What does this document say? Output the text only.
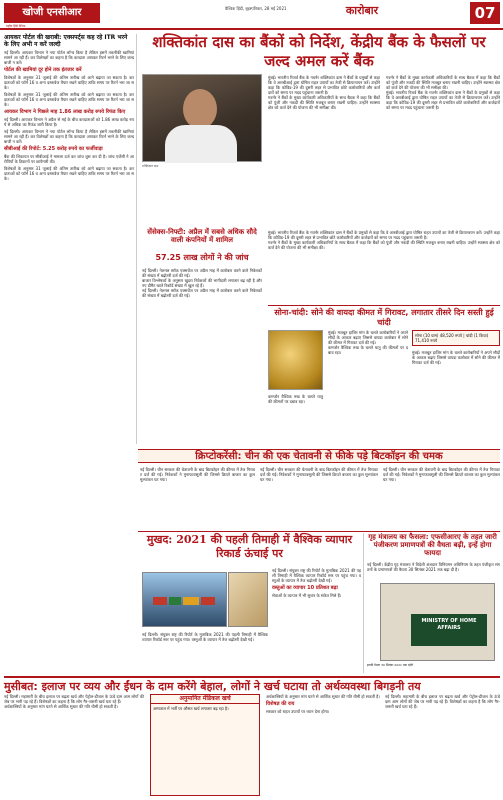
खोजी एनसीआर
राष्ट्रीय हिंदी दैनिक
वैश्विक हिंदी, बृहस्पतिवार, 28 मई 2021	कारोबार	07
आयकर पोर्टल की खराबी: एक्सपर्ट्स कह रहे ITR भरने के लिए अभी न करें जल्दी

नई दिल्ली। आयकर विभाग ने नया पोर्टल लॉन्च किया है लेकिन इसमें तकनीकी खामियां सामने आ रही हैं। कर विशेषज्ञों का कहना है कि करदाता आयकर रिटर्न भरने के लिए जल्दबाजी न करें।

पोर्टल की खामियां दूर होने तक इंतजार करें

विशेषज्ञों के अनुसार 31 जुलाई की अंतिम तारीख को आगे बढ़ाया जा सकता है। करदाताओं को फॉर्म 16 व अन्य दस्तावेज तैयार रखने चाहिए ताकि समय पर रिटर्न भरा जा सके।

विशेषज्ञों के अनुसार 31 जुलाई की अंतिम तारीख को आगे बढ़ाया जा सकता है। करदाताओं को फॉर्म 16 व अन्य दस्तावेज तैयार रखने चाहिए ताकि समय पर रिटर्न भरा जा सके।

आयकर विभाग ने पिछले माह 1.86 लाख करोड़ रुपये रिफंड किए

नई दिल्ली। आयकर विभाग ने अप्रैल से मई के बीच करदाताओं को 1.86 लाख करोड़ रुपये से अधिक का रिफंड जारी किया है।

नई दिल्ली। आयकर विभाग ने नया पोर्टल लॉन्च किया है लेकिन इसमें तकनीकी खामियां सामने आ रही हैं। कर विशेषज्ञों का कहना है कि करदाता आयकर रिटर्न भरने के लिए जल्दबाजी न करें।

सीबीआई की रिपोर्ट: 5.25 करोड़ रुपये का फर्जीवाड़ा

बैंक की शिकायत पर सीबीआई ने मामला दर्ज कर जांच शुरू कर दी है। जांच एजेंसी ने आरोपियों के ठिकानों पर छापेमारी की।

विशेषज्ञों के अनुसार 31 जुलाई की अंतिम तारीख को आगे बढ़ाया जा सकता है। करदाताओं को फॉर्म 16 व अन्य दस्तावेज तैयार रखने चाहिए ताकि समय पर रिटर्न भरा जा सके।

शक्तिकांत दास का बैंकों को निर्देश, केंद्रीय बैंक के फैसलों पर जल्द अमल करें बैंक
शक्तिकांत दास

मुंबई। भारतीय रिजर्व बैंक के गवर्नर शक्तिकांत दास ने बैंकों के प्रमुखों से कहा कि वे आरबीआई द्वारा घोषित राहत उपायों का तेजी से क्रियान्वयन करें। उन्होंने कहा कि कोविड-19 की दूसरी लहर से प्रभावित छोटे कारोबारियों और कर्जदारों को समय पर मदद पहुंचाना जरूरी है।

गवर्नर ने बैंकों के मुख्य कार्यकारी अधिकारियों के साथ बैठक में कहा कि बैंकों को पूंजी और नकदी की स्थिति मजबूत बनाए रखनी चाहिए। उन्होंने स्वास्थ्य क्षेत्र को कर्ज देने की योजना की भी समीक्षा की।

गवर्नर ने बैंकों के मुख्य कार्यकारी अधिकारियों के साथ बैठक में कहा कि बैंकों को पूंजी और नकदी की स्थिति मजबूत बनाए रखनी चाहिए। उन्होंने स्वास्थ्य क्षेत्र को कर्ज देने की योजना की भी समीक्षा की।

मुंबई। भारतीय रिजर्व बैंक के गवर्नर शक्तिकांत दास ने बैंकों के प्रमुखों से कहा कि वे आरबीआई द्वारा घोषित राहत उपायों का तेजी से क्रियान्वयन करें। उन्होंने कहा कि कोविड-19 की दूसरी लहर से प्रभावित छोटे कारोबारियों और कर्जदारों को समय पर मदद पहुंचाना जरूरी है।

सेंसेक्स-निफ्टी: अप्रैल में सबसे अधिक सौदे वाली कंपनियों में शामिल
57.25 लाख लोगों ने की जांच

नई दिल्ली। नेशनल स्टॉक एक्सचेंज पर अप्रैल माह में कारोबार करने वाले निवेशकों की संख्या में बढ़ोतरी दर्ज की गई।

बाजार विश्लेषकों के अनुसार खुदरा निवेशकों की भागीदारी लगातार बढ़ रही है और नए डीमैट खाते रिकॉर्ड संख्या में खुल रहे हैं।

नई दिल्ली। नेशनल स्टॉक एक्सचेंज पर अप्रैल माह में कारोबार करने वाले निवेशकों की संख्या में बढ़ोतरी दर्ज की गई।

मुंबई। भारतीय रिजर्व बैंक के गवर्नर शक्तिकांत दास ने बैंकों के प्रमुखों से कहा कि वे आरबीआई द्वारा घोषित राहत उपायों का तेजी से क्रियान्वयन करें। उन्होंने कहा कि कोविड-19 की दूसरी लहर से प्रभावित छोटे कारोबारियों और कर्जदारों को समय पर मदद पहुंचाना जरूरी है।

गवर्नर ने बैंकों के मुख्य कार्यकारी अधिकारियों के साथ बैठक में कहा कि बैंकों को पूंजी और नकदी की स्थिति मजबूत बनाए रखनी चाहिए। उन्होंने स्वास्थ्य क्षेत्र को कर्ज देने की योजना की भी समीक्षा की।

सोना-चांदी: सोने की वायदा कीमत में गिरावट, लगातार तीसरे दिन सस्ती हुई चांदी

मुंबई। मजबूत हाजिर मांग के चलते कारोबारियों ने अपने सौदों के आकार बढ़ाए जिससे वायदा कारोबार में सोने की कीमत में गिरावट दर्ज की गई।

कमजोर वैश्विक रुख के चलते धातु की कीमतों पर दबाव रहा।

सोना (10 ग्राम) 48,520 रुपये | चांदी (1 किग्रा) 71,410 रुपये

मुंबई। मजबूत हाजिर मांग के चलते कारोबारियों ने अपने सौदों के आकार बढ़ाए जिससे वायदा कारोबार में सोने की कीमत में गिरावट दर्ज की गई।

कमजोर वैश्विक रुख के चलते धातु की कीमतों पर दबाव रहा।

क्रिप्टोकरेंसी: चीन की एक चेतावनी से फीके पड़े बिटकॉइन की चमक

नई दिल्ली। चीन सरकार की चेतावनी के बाद बिटकॉइन की कीमत में तेज गिरावट दर्ज की गई। निवेशकों ने मुनाफावसूली की जिससे क्रिप्टो बाजार का कुल मूल्यांकन घट गया।

नई दिल्ली। चीन सरकार की चेतावनी के बाद बिटकॉइन की कीमत में तेज गिरावट दर्ज की गई। निवेशकों ने मुनाफावसूली की जिससे क्रिप्टो बाजार का कुल मूल्यांकन घट गया।

नई दिल्ली। चीन सरकार की चेतावनी के बाद बिटकॉइन की कीमत में तेज गिरावट दर्ज की गई। निवेशकों ने मुनाफावसूली की जिससे क्रिप्टो बाजार का कुल मूल्यांकन घट गया।

मुखद: 2021 की पहली तिमाही में वैश्विक व्यापार रिकार्ड ऊंचाई पर

नई दिल्ली। संयुक्त राष्ट्र की रिपोर्ट के मुताबिक 2021 की पहली तिमाही में वैश्विक व्यापार रिकॉर्ड स्तर पर पहुंच गया। वस्तुओं के व्यापार में तेज बढ़ोतरी देखी गई।

नई दिल्ली। संयुक्त राष्ट्र की रिपोर्ट के मुताबिक 2021 की पहली तिमाही में वैश्विक व्यापार रिकॉर्ड स्तर पर पहुंच गया। वस्तुओं के व्यापार में तेज बढ़ोतरी देखी गई।

वस्तुओं का व्यापार 10 प्रतिशत बढ़ा

सेवाओं के व्यापार में भी सुधार के संकेत मिले हैं।

गृह मंत्रालय का फैसला: एफसीआरए के तहत जारी पंजीकरण प्रमाणपत्रों की वैधता बढ़ी, इन्हें होगा फायदा

नई दिल्ली। केंद्रीय गृह मंत्रालय ने विदेशी अंशदान विनियमन अधिनियम के तहत पंजीकृत संगठनों के प्रमाणपत्रों की वैधता 30 सितंबर 2021 तक बढ़ा दी है।

MINISTRY OF HOME AFFAIRS
इनकी वैधता 30 सितंबर 2021 तक रहेगी
मुसीबत: इलाज पर व्यय और ईंधन के दाम करेंगे बेहाल, लोगों ने खर्च घटाया तो अर्थव्यवस्था बिगड़नी तय

नई दिल्ली। महामारी के बीच इलाज पर बढ़ता खर्च और पेट्रोल-डीजल के ऊंचे दाम आम लोगों की जेब पर भारी पड़ रहे हैं। विशेषज्ञों का कहना है कि लोग गैर-जरूरी खर्च घटा रहे हैं।

अर्थशास्त्रियों के अनुसार मांग घटने से आर्थिक सुधार की गति धीमी हो सकती है।

अनुमानित मेडिकल खर्च
अस्पताल में भर्ती पर औसत खर्च लगातार बढ़ रहा है।

अर्थशास्त्रियों के अनुसार मांग घटने से आर्थिक सुधार की गति धीमी हो सकती है।

विशेषज्ञ की राय

सरकार को राहत उपायों पर ध्यान देना होगा।

नई दिल्ली। महामारी के बीच इलाज पर बढ़ता खर्च और पेट्रोल-डीजल के ऊंचे दाम आम लोगों की जेब पर भारी पड़ रहे हैं। विशेषज्ञों का कहना है कि लोग गैर-जरूरी खर्च घटा रहे हैं।
